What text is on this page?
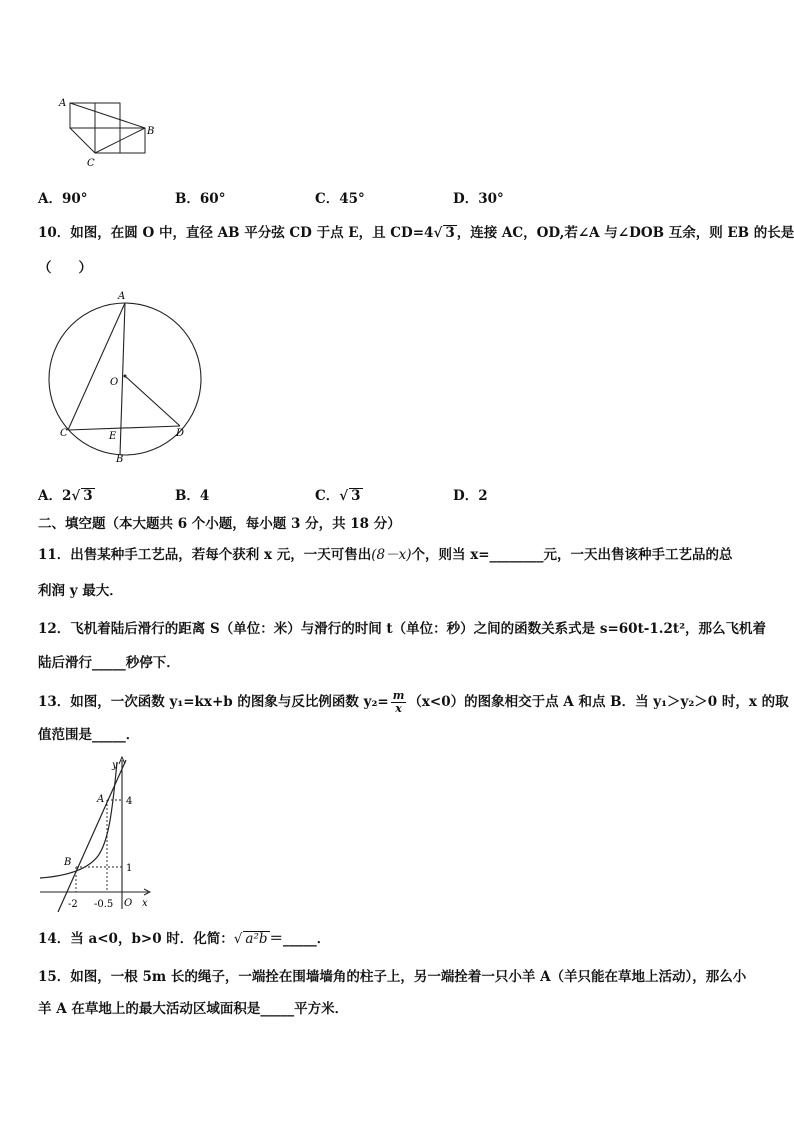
A
B
C
A．90°	B．60°	C．45°	D．30°
10．如图，在圆 O 中，直径 AB 平分弦 CD 于点 E，且 CD=4√ 3 ，连接 AC，OD,若∠A 与∠DOB 互余，则 EB 的长是
（　　）
A
O
C	E	D
B
A．2√ 3	B．4	C．√ 3	D．2
二、填空题（本大题共 6 个小题，每小题 3 分，共 18 分）
11．出售某种手工艺品，若每个获利 x 元，一天可售出(8－x)个，则当 x=________元，一天出售该种手工艺品的总
利润 y 最大．
12．飞机着陆后滑行的距离 S（单位：米）与滑行的时间 t（单位：秒）之间的函数关系式是 s=60t-1.2t²，那么飞机着
陆后滑行_____秒停下．
13．如图，一次函数 y₁=kx+b 的图象与反比例函数 $y_2= \frac{m}{x} (x<0)$的图象相交于点 A 和点 B．当 y₁＞y₂＞0 时，x 的取
值范围是_____．
y
x
A
B
O
4
1
-2 -0.5
14．当 a<0，b>0 时．化简：√ a²b ＝_____．
15．如图，一根 5m 长的绳子，一端拴在围墙墙角的柱子上，另一端拴着一只小羊 A（羊只能在草地上活动），那么小
羊 A 在草地上的最大活动区域面积是_____平方米．
